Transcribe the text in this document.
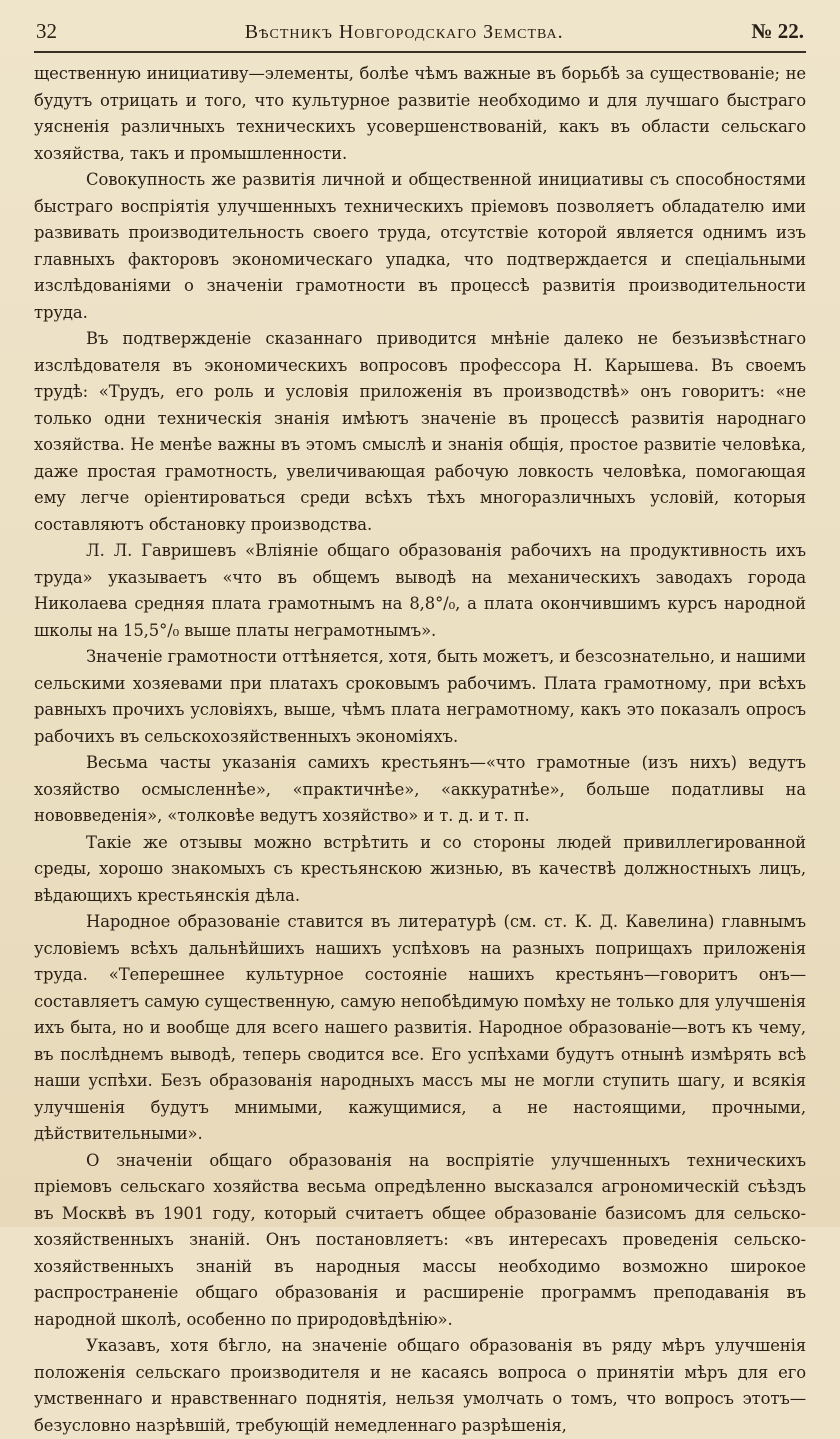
32	Вѣстникъ Новгородскаго Земства.	№ 22.

щественную инициативу—элементы, болѣе чѣмъ важные въ борьбѣ за существованіе; не будутъ отрицать и того, что культурное развитіе необходимо и для лучшаго быстраго уясненія различныхъ техническихъ усовершенствованій, какъ въ области сельскаго хозяйства, такъ и промышленности.

Совокупность же развитія личной и общественной инициативы съ способностями быстраго воспріятія улучшенныхъ техническихъ пріемовъ позволяетъ обладателю ими развивать производительность своего труда, отсутствіе которой является однимъ изъ главныхъ факторовъ экономическаго упадка, что подтверждается и спеціальными изслѣдованіями о значеніи грамотности въ процессѣ развитія производительности труда.

Въ подтвержденіе сказаннаго приводится мнѣніе далеко не безъизвѣстнаго изслѣдователя въ экономическихъ вопросовъ профессора Н. Карышева. Въ своемъ трудѣ: «Трудъ, его роль и условія приложенія въ производствѣ» онъ говоритъ: «не только одни техническія знанія имѣютъ значеніе въ процессѣ развитія народнаго хозяйства. Не менѣе важны въ этомъ смыслѣ и знанія общія, простое развитіе человѣка, даже простая грамотность, увеличивающая рабочую ловкость человѣка, помогающая ему легче оріентироваться среди всѣхъ тѣхъ многоразличныхъ условій, которыя составляютъ обстановку производства.

Л. Л. Гавришевъ «Вліяніе общаго образованія рабочихъ на продуктивность ихъ труда» указываетъ «что въ общемъ выводѣ на механическихъ заводахъ города Николаева средняя плата грамотнымъ на 8,8°/₀, а плата окончившимъ курсъ народной школы на 15,5°/₀ выше платы неграмотнымъ».

Значеніе грамотности оттѣняется, хотя, быть можетъ, и безсознательно, и нашими сельскими хозяевами при платахъ сроковымъ рабочимъ. Плата грамотному, при всѣхъ равныхъ прочихъ условіяхъ, выше, чѣмъ плата неграмотному, какъ это показалъ опросъ рабочихъ въ сельскохозяйственныхъ экономіяхъ.

Весьма часты указанія самихъ крестьянъ—«что грамотные (изъ нихъ) ведутъ хозяйство осмысленнѣе», «практичнѣе», «аккуратнѣе», больше податливы на нововведенія», «толковѣе ведутъ хозяйство» и т. д. и т. п.

Такіе же отзывы можно встрѣтить и со стороны людей привиллегированной среды, хорошо знакомыхъ съ крестьянскою жизнью, въ качествѣ должностныхъ лицъ, вѣдающихъ крестьянскія дѣла.

Народное образованіе ставится въ литературѣ (см. ст. К. Д. Кавелина) главнымъ условіемъ всѣхъ дальнѣйшихъ нашихъ успѣховъ на разныхъ поприщахъ приложенія труда. «Теперешнее культурное состояніе нашихъ крестьянъ—говоритъ онъ—составляетъ самую существенную, самую непобѣдимую помѣху не только для улучшенія ихъ быта, но и вообще для всего нашего развитія. Народное образованіе—вотъ къ чему, въ послѣднемъ выводѣ, теперь сводится все. Его успѣхами будутъ отнынѣ измѣрять всѣ наши успѣхи. Безъ образованія народныхъ массъ мы не могли ступить шагу, и всякія улучшенія будутъ мнимыми, кажущимися, а не настоящими, прочными, дѣйствительными».

О значеніи общаго образованія на воспріятіе улучшенныхъ техническихъ пріемовъ сельскаго хозяйства весьма опредѣленно высказался агрономическій съѣздъ въ Москвѣ въ 1901 году, который считаетъ общее образованіе базисомъ для сельско-хозяйственныхъ знаній. Онъ постановляетъ: «въ интересахъ проведенія сельско-хозяйственныхъ знаній въ народныя массы необходимо возможно широкое распространеніе общаго образованія и расширеніе программъ преподаванія въ народной школѣ, особенно по природовѣдѣнію».

Указавъ, хотя бѣгло, на значеніе общаго образованія въ ряду мѣръ улучшенія положенія сельскаго производителя и не касаясь вопроса о принятіи мѣръ для его умственнаго и нравственнаго поднятія, нельзя умолчать о томъ, что вопросъ этотъ—безусловно назрѣвшій, требующій немедленнаго разрѣшенія,
